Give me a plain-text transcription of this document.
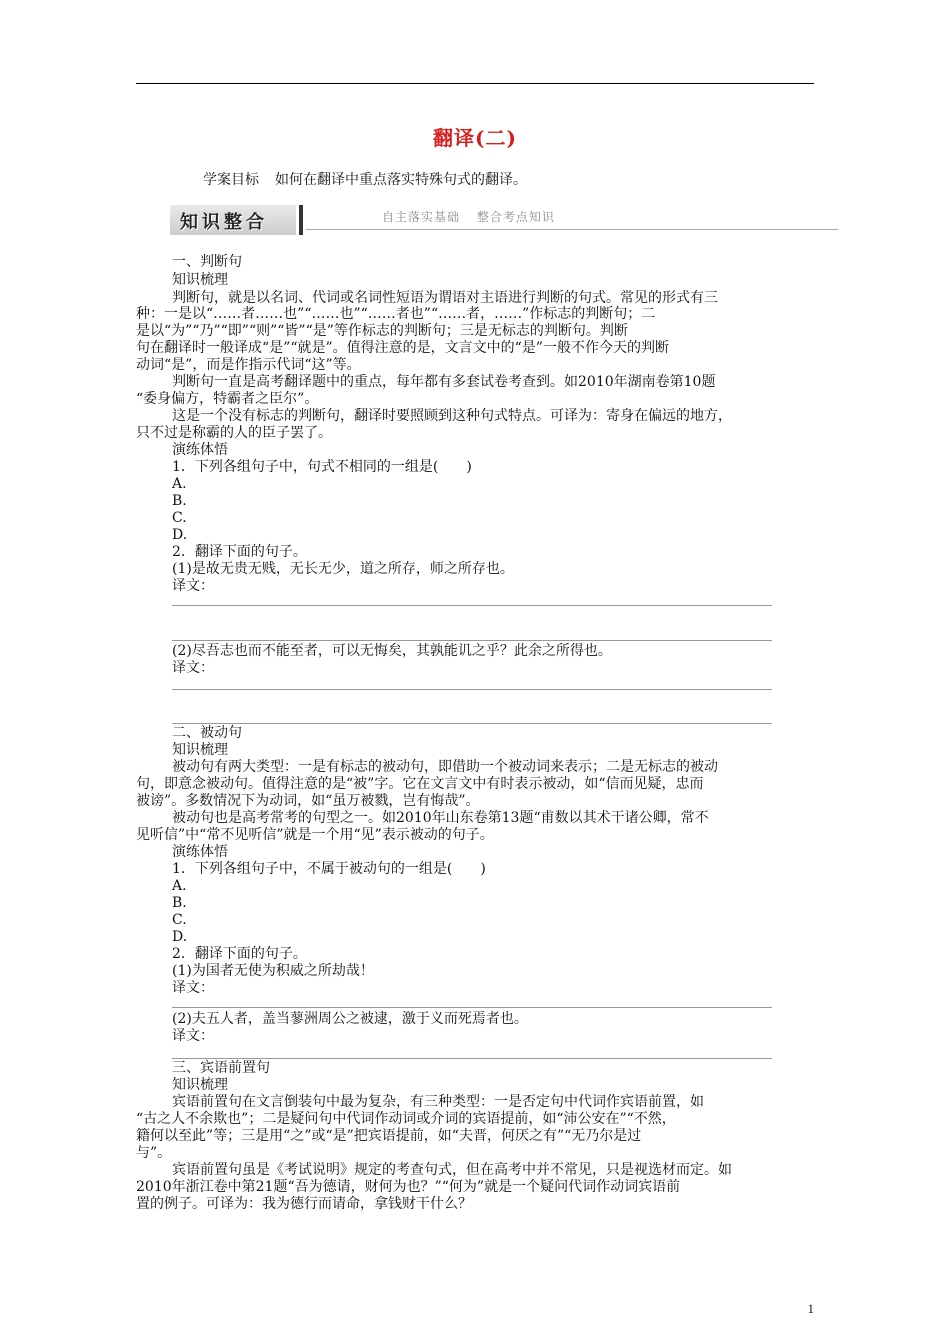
翻译(二)
学案目标 如何在翻译中重点落实特殊句式的翻译。
知识整合	自主落实基础 整合考点知识
一、判断句
知识梳理
判断句，就是以名词、代词或名词性短语为谓语对主语进行判断的句式。常见的形式有三
种：一是以“……者……也”“……也”“……者也”“……者，……”作标志的判断句；二
是以“为”“乃”“即”“则”“皆”“是”等作标志的判断句；三是无标志的判断句。判断
句在翻译时一般译成“是”“就是”。值得注意的是，文言文中的“是”一般不作今天的判断
动词“是”，而是作指示代词“这”等。
判断句一直是高考翻译题中的重点，每年都有多套试卷考查到。如2010年湖南卷第10题
“委身偏方，特霸者之臣尔”。
这是一个没有标志的判断句，翻译时要照顾到这种句式特点。可译为：寄身在偏远的地方，
只不过是称霸的人的臣子罢了。
演练体悟
1．下列各组句子中，句式不相同的一组是(　　)
A.
B.
C.
D.
2．翻译下面的句子。
(1)是故无贵无贱，无长无少，道之所存，师之所存也。
译文：
(2)尽吾志也而不能至者，可以无悔矣，其孰能讥之乎？此余之所得也。
译文：
二、被动句
知识梳理
被动句有两大类型：一是有标志的被动句，即借助一个被动词来表示；二是无标志的被动
句，即意念被动句。值得注意的是“被”字。它在文言文中有时表示被动，如“信而见疑，忠而
被谤”。多数情况下为动词，如“虽万被戮，岂有悔哉”。
被动句也是高考常考的句型之一。如2010年山东卷第13题“甫数以其术干诸公卿，常不
见听信”中“常不见听信”就是一个用“见”表示被动的句子。
演练体悟
1．下列各组句子中，不属于被动句的一组是(　　)
A.
B.
C.
D.
2．翻译下面的句子。
(1)为国者无使为积威之所劫哉！
译文：
(2)夫五人者，盖当蓼洲周公之被逮，激于义而死焉者也。
译文：
三、宾语前置句
知识梳理
宾语前置句在文言倒装句中最为复杂，有三种类型：一是否定句中代词作宾语前置，如
“古之人不余欺也”；二是疑问句中代词作动词或介词的宾语提前，如“沛公安在”“不然，
籍何以至此”等；三是用“之”或“是”把宾语提前，如“夫晋，何厌之有”“无乃尔是过
与”。
宾语前置句虽是《考试说明》规定的考查句式，但在高考中并不常见，只是视选材而定。如
2010年浙江卷中第21题“吾为德请，财何为也？”“何为”就是一个疑问代词作动词宾语前
置的例子。可译为：我为德行而请命，拿钱财干什么？
1
